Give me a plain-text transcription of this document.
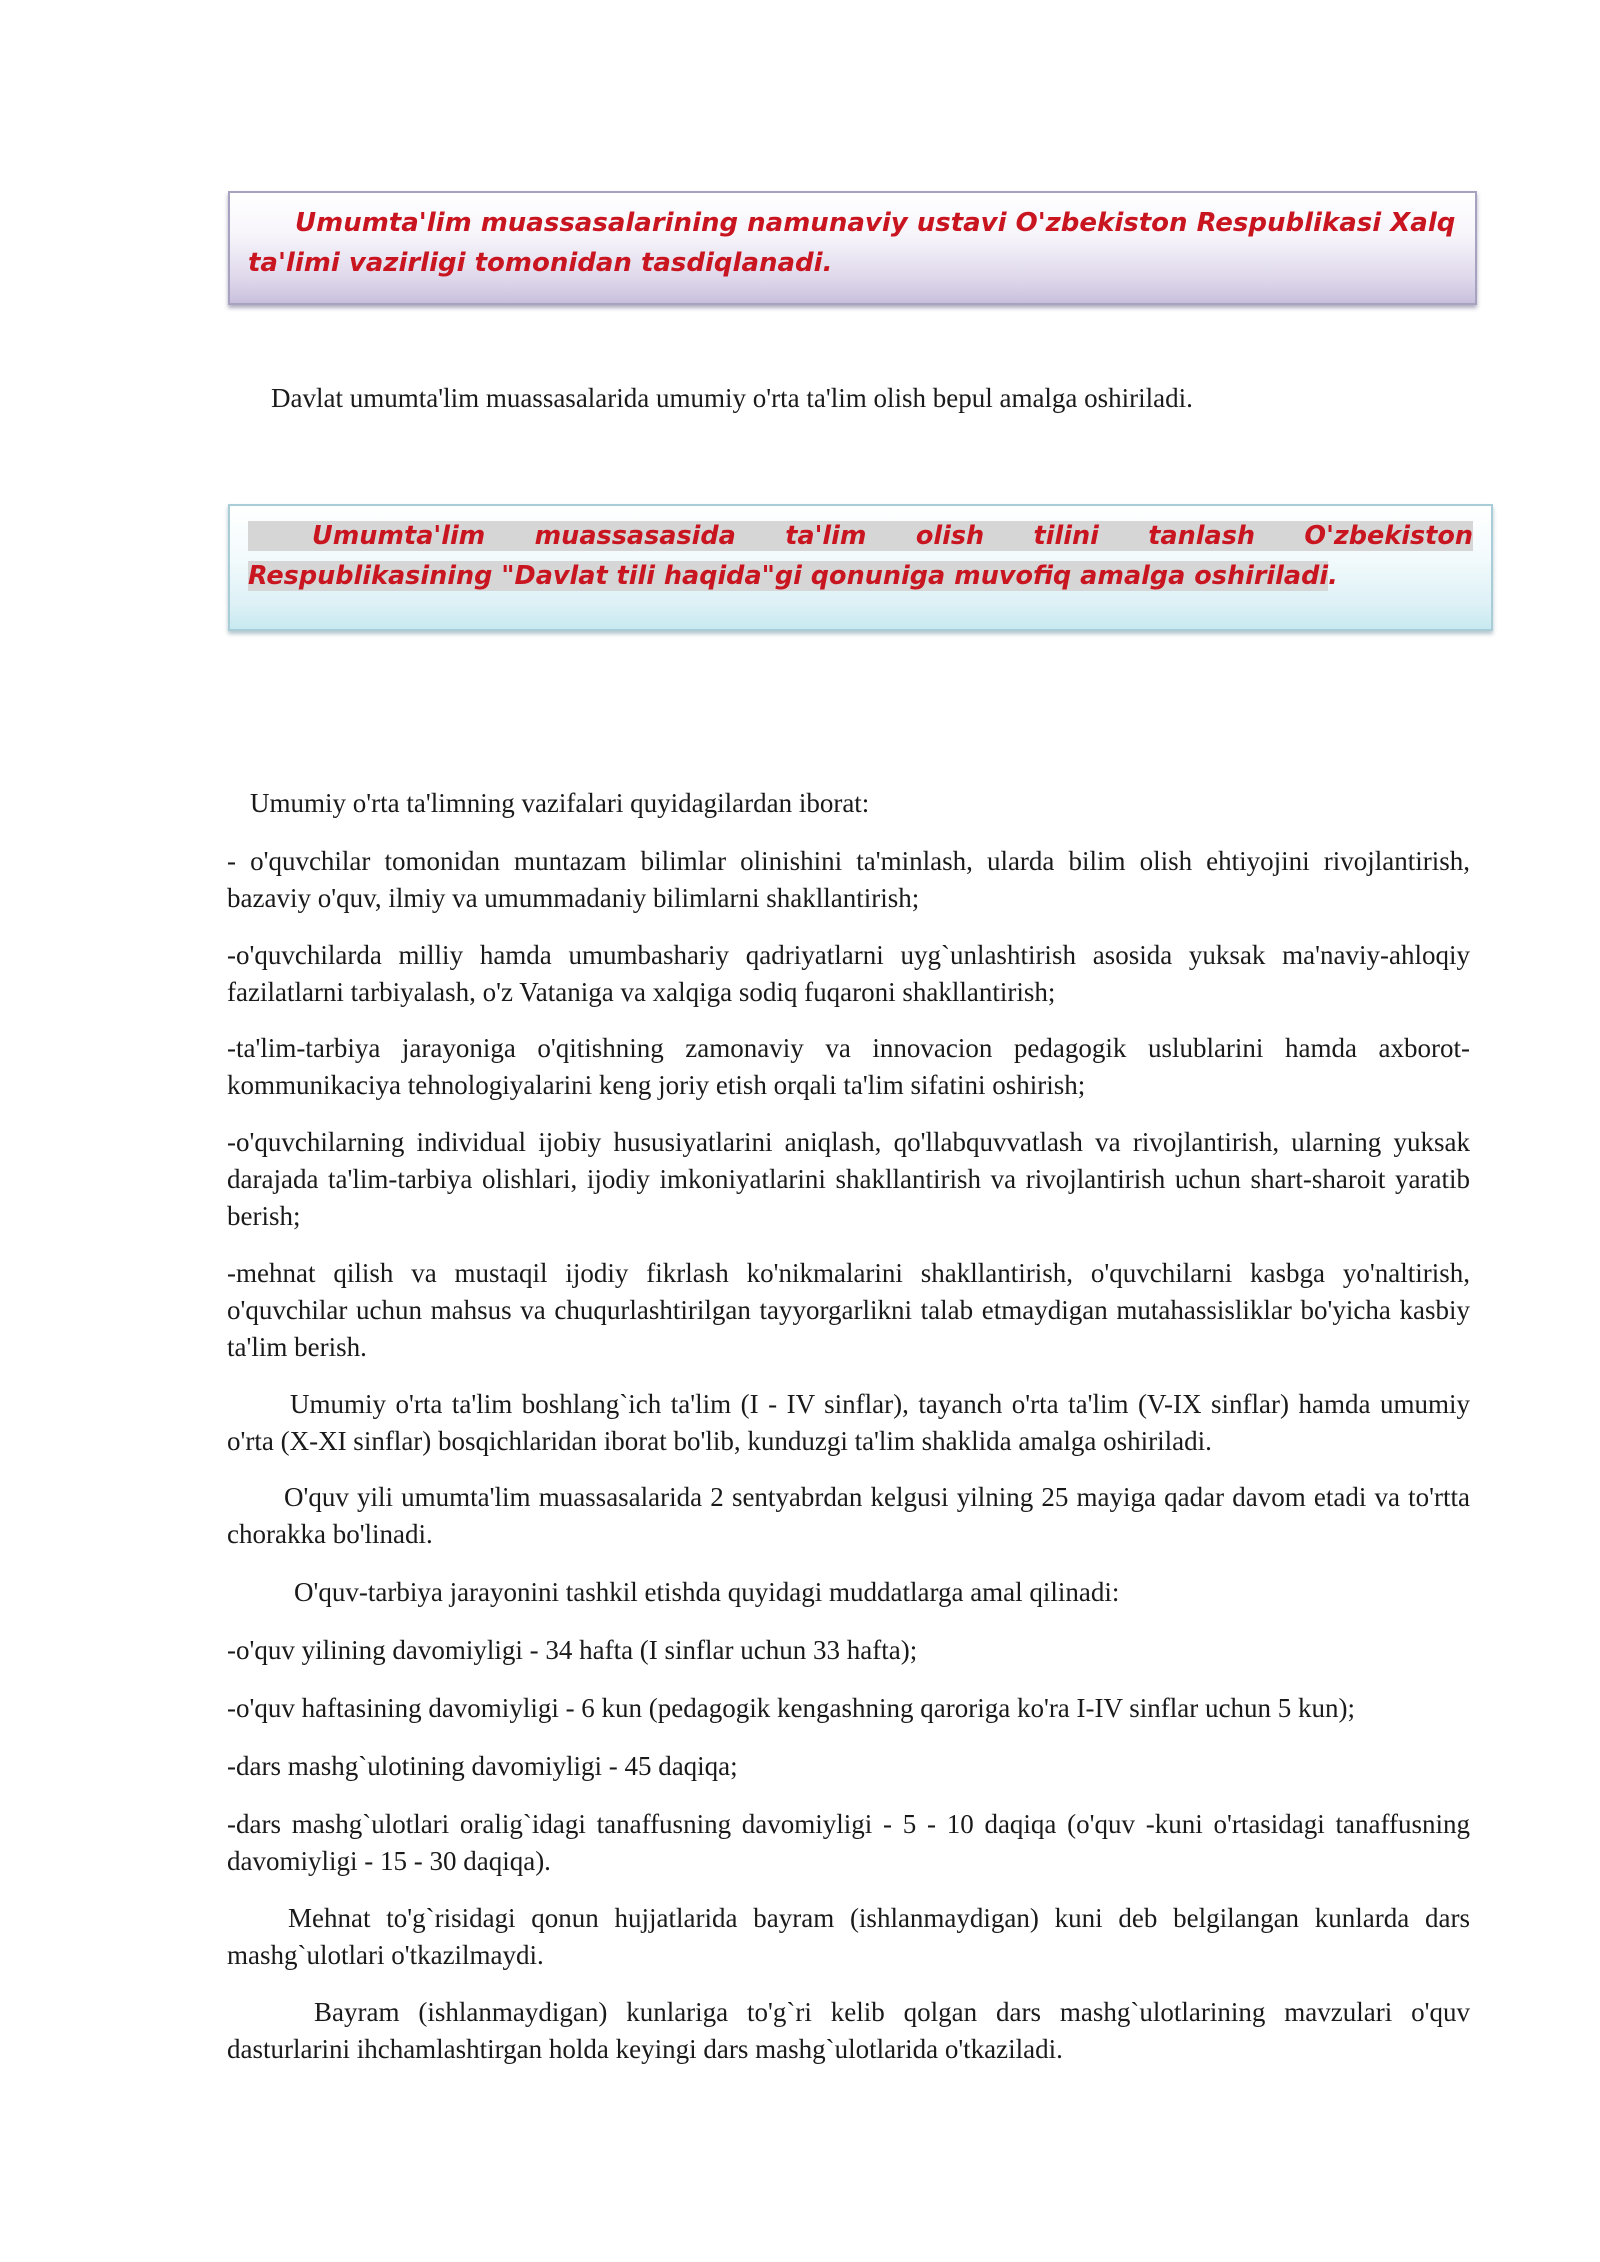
Umumta'lim muassasalarining namunaviy ustavi O'zbekiston Respublikasi Xalq ta'limi vazirligi tomonidan tasdiqlanadi.

Davlat umumta'lim muassasalarida umumiy o'rta ta'lim olish bepul amalga oshiriladi.

Umumta'lim muassasasida ta'lim olish tilini tanlash O'zbekiston Respublikasining "Davlat tili haqida"gi qonuniga muvofiq amalga oshiriladi.

Umumiy o'rta ta'limning vazifalari quyidagilardan iborat:

- o'quvchilar tomonidan muntazam bilimlar olinishini ta'minlash, ularda bilim olish ehtiyojini rivojlantirish, bazaviy o'quv, ilmiy va umummadaniy bilimlarni shakllantirish;

-o'quvchilarda milliy hamda umumbashariy qadriyatlarni uyg`unlashtirish asosida yuksak ma'naviy-ahloqiy fazilatlarni tarbiyalash, o'z Vataniga va xalqiga sodiq fuqaroni shakllantirish;

-ta'lim-tarbiya jarayoniga o'qitishning zamonaviy va innovacion pedagogik uslublarini hamda axborot-kommunikaciya tehnologiyalarini keng joriy etish orqali ta'lim sifatini oshirish;

-o'quvchilarning individual ijobiy hususiyatlarini aniqlash, qo'llabquvvatlash va rivojlantirish, ularning yuksak darajada ta'lim-tarbiya olishlari, ijodiy imkoniyatlarini shakllantirish va rivojlantirish uchun shart-sharoit yaratib berish;

-mehnat qilish va mustaqil ijodiy fikrlash ko'nikmalarini shakllantirish, o'quvchilarni kasbga yo'naltirish, o'quvchilar uchun mahsus va chuqurlashtirilgan tayyorgarlikni talab etmaydigan mutahassisliklar bo'yicha kasbiy ta'lim berish.

Umumiy o'rta ta'lim boshlang`ich ta'lim (I - IV sinflar), tayanch o'rta ta'lim (V-IX sinflar) hamda umumiy o'rta (X-XI sinflar) bosqichlaridan iborat bo'lib, kunduzgi ta'lim shaklida amalga oshiriladi.

O'quv yili umumta'lim muassasalarida 2 sentyabrdan kelgusi yilning 25 mayiga qadar davom etadi va to'rtta chorakka bo'linadi.

O'quv-tarbiya jarayonini tashkil etishda quyidagi muddatlarga amal qilinadi:

-o'quv yilining davomiyligi - 34 hafta (I sinflar uchun 33 hafta);

-o'quv haftasining davomiyligi - 6 kun (pedagogik kengashning qaroriga ko'ra I-IV sinflar uchun 5 kun);

-dars mashg`ulotining davomiyligi - 45 daqiqa;

-dars mashg`ulotlari oralig`idagi tanaffusning davomiyligi - 5 - 10 daqiqa (o'quv -kuni o'rtasidagi tanaffusning davomiyligi - 15 - 30 daqiqa).

Mehnat to'g`risidagi qonun hujjatlarida bayram (ishlanmaydigan) kuni deb belgilangan kunlarda dars mashg`ulotlari o'tkazilmaydi.

Bayram (ishlanmaydigan) kunlariga to'g`ri kelib qolgan dars mashg`ulotlarining mavzulari o'quv dasturlarini ihchamlashtirgan holda keyingi dars mashg`ulotlarida o'tkaziladi.
